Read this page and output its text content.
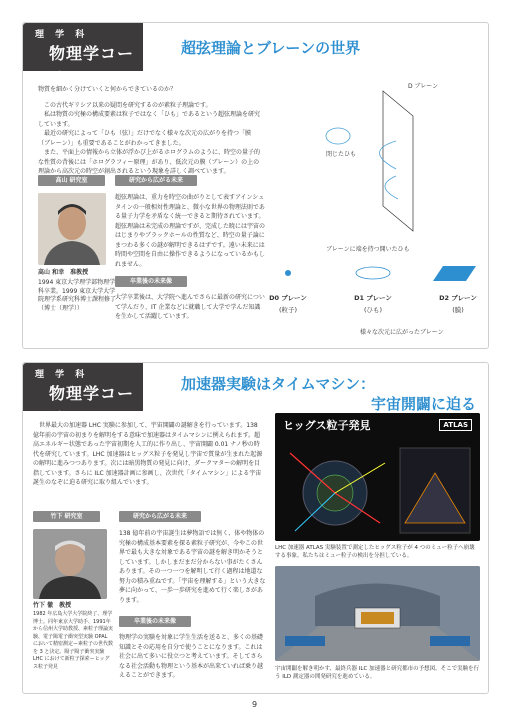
理 学 科
物理学コース
超弦理論とブレーンの世界
物質を細かく分けていくと何からできているのか？
この古代ギリシア以来の疑問を研究するのが素粒子理論です。
私は物質の究極の構成要素は粒子ではなく「ひも」であるという超弦理論を研究しています。
最近の研究によって「ひも（弦）」だけでなく様々な次元の広がりを持つ「膜（ブレーン）」も重要であることがわかってきました。
また、平面上の情報から立体が浮かび上がるホログラムのように、時空の量子的な性質の背後には「ホログラフィー原理」があり、低次元の膜（ブレーン）の上の理論から高次元の時空が創出されるという現象を詳しく調べています。
高山 研究室	研究から広がる未来
高山 和幸　准教授
1994 東京大学理学部物理学科卒業。1999 東京大学大学院理学系研究科博士課程修了（博士（理学））
超弦理論は、重力を時空の曲がりとして表すアインシュタインの一般相対性理論と、微小な世界の物理法則である量子力学を矛盾なく統一できると期待されています。超弦理論は未完成の理論ですが、完成した暁には宇宙のはじまりやブラックホールの性質など、時空の量子論にまつわる多くの謎が解明できるはずです。遠い未来には時間や空間を自由に操作できるようになっているかもしれません。
卒業後の未来像
大学卒業後は、大学院へ進んでさらに最新の研究について学んだり、IT 企業などに就職して大学で学んだ知識を生かして活躍しています。
D ブレーン
閉じたひも
ブレーンに端を持つ開いたひも
D0 ブレーン
(粒子)
D1 ブレーン
(ひも)
D2 ブレーン
(膜)
様々な次元に広がったブレーン
理 学 科
物理学コース
加速器実験はタイムマシン：
宇宙開闢に迫る
世界最大の加速器 LHC 実験に参加して、宇宙開闢の謎解きを行っています。138 億年前の宇宙の初まりを解明をする意味で加速器はタイムマシンに例えられます。超高エネルギー状態であった宇宙初期を人工的に作り出し、宇宙開闢 0.01 ナノ秒の時代を研究しています。LHC 加速器はヒッグス粒子を発見し宇宙で質量が生まれた起源の解明に進みつつあります。次には暗黒物質の発見に向け、ダークマターの解明を目指しています。さらに ILC 加速器計画に参画し、次世代「タイムマシン」による宇宙誕生のなぞに迫る研究に取り組んでいます。
竹下 研究室	研究から広がる未来
竹下 徹　教授
1982 年広島大学大学院終了、理学博士。同年東京大学助手、1991年から信州大学助教授、素粒子理論実験、電子陽電子衝突型実験 OPAL において精密測定ー素粒子の世代数を 3 と決定。陽子陽子衝突実験 LHC におけて新粒子探索ーヒッグス粒子発見
138 億年前の宇宙誕生は夢物語では無く、体や物体の究極の構成基本要素を探る素粒子研究が、今やこの世界で最も大きな対象である宇宙の謎を解き明かそうとしています。しかしまだまだ分からない事がたくさんあります。その一つ一つを解明して行く過程は地道な努力の積み重ねです。「宇宙を理解する」という大きな夢に向かって、一歩一歩研究を進めて行く楽しさがあります。
卒業後の未来像
物理学の実験を対象に学生生活を送ると、多くの基礎知識とその応用を自分で使うことになります。これは社会に出て多いに役立つと考えています。そしてさらなる社会活動も物理という基本が出来ていれば乗り越えることができます。
ヒッグス粒子発見	ATLAS
LHC 加速器 ATLAS 実験装置で測定したヒッグス粒子が 4 つのミュー粒子へ崩壊する事象。私たちはミュー粒子の検出を分担している。
宇宙開闢を解き明かす、最終兵器 ILC 加速器と研究都市の予想図。そこで実験を行う ILD 測定器の開発研究を進めている。
9
